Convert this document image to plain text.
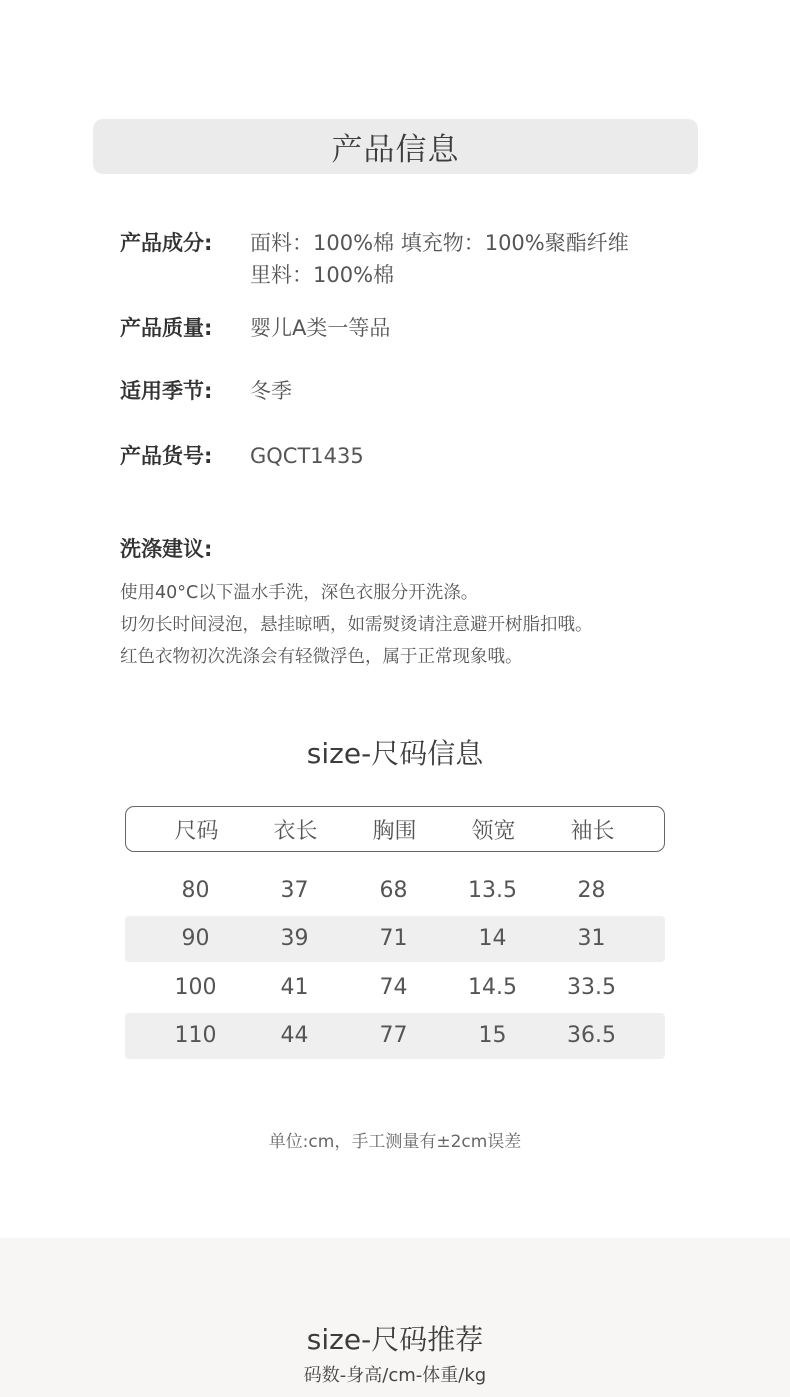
产品信息
产品成分:	面料：100%棉 填充物：100%聚酯纤维
里料：100%棉
产品质量:	婴儿A类一等品
适用季节:	冬季
产品货号:	GQCT1435
洗涤建议:
使用40°C以下温水手洗，深色衣服分开洗涤。
切勿长时间浸泡，悬挂晾晒，如需熨烫请注意避开树脂扣哦。
红色衣物初次洗涤会有轻微浮色，属于正常现象哦。
size-尺码信息
尺码	衣长	胸围	领宽	袖长
80	37	68	13.5	28
90	39	71	14	31
100	41	74	14.5	33.5
110	44	77	15	36.5
单位:cm，手工测量有±2cm误差
size-尺码推荐
码数-身高/cm-体重/kg
